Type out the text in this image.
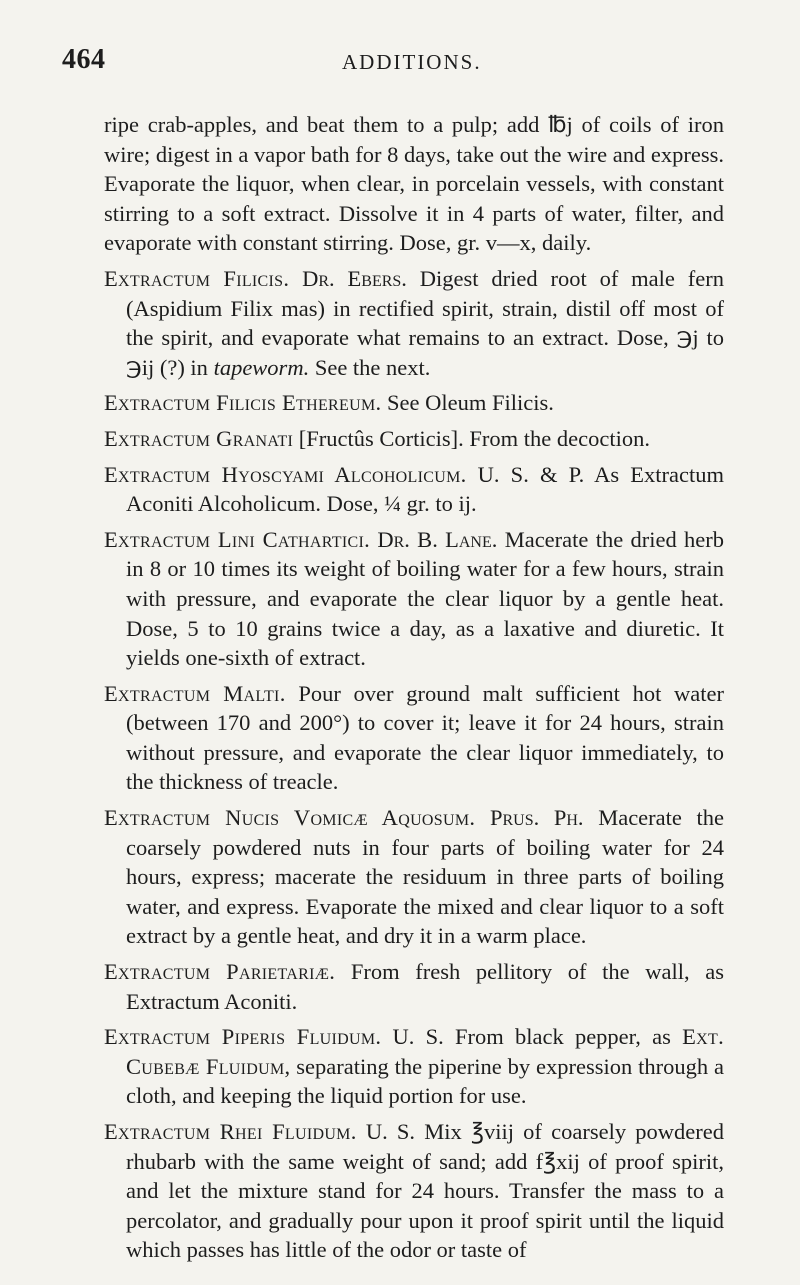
464	ADDITIONS.

ripe crab-apples, and beat them to a pulp; add ℔j of coils of iron wire; digest in a vapor bath for 8 days, take out the wire and express. Evaporate the liquor, when clear, in porcelain vessels, with constant stirring to a soft extract. Dissolve it in 4 parts of water, filter, and evaporate with constant stirring. Dose, gr. v—x, daily.

Extractum Filicis. Dr. Ebers. Digest dried root of male fern (Aspidium Filix mas) in rectified spirit, strain, distil off most of the spirit, and evaporate what remains to an extract. Dose, ℈j to ℈ij (?) in tapeworm. See the next.

Extractum Filicis Ethereum. See Oleum Filicis.

Extractum Granati [Fructûs Corticis]. From the decoction.

Extractum Hyoscyami Alcoholicum. U. S. & P. As Extractum Aconiti Alcoholicum. Dose, ¼ gr. to ij.

Extractum Lini Cathartici. Dr. B. Lane. Macerate the dried herb in 8 or 10 times its weight of boiling water for a few hours, strain with pressure, and evaporate the clear liquor by a gentle heat. Dose, 5 to 10 grains twice a day, as a laxative and diuretic. It yields one-sixth of extract.

Extractum Malti. Pour over ground malt sufficient hot water (between 170 and 200°) to cover it; leave it for 24 hours, strain without pressure, and evaporate the clear liquor immediately, to the thickness of treacle.

Extractum Nucis Vomicæ Aquosum. Prus. Ph. Macerate the coarsely powdered nuts in four parts of boiling water for 24 hours, express; macerate the residuum in three parts of boiling water, and express. Evaporate the mixed and clear liquor to a soft extract by a gentle heat, and dry it in a warm place.

Extractum Parietariæ. From fresh pellitory of the wall, as Extractum Aconiti.

Extractum Piperis Fluidum. U. S. From black pepper, as Ext. Cubebæ Fluidum, separating the piperine by expression through a cloth, and keeping the liquid portion for use.

Extractum Rhei Fluidum. U. S. Mix ℥viij of coarsely powdered rhubarb with the same weight of sand; add f℥xij of proof spirit, and let the mixture stand for 24 hours. Transfer the mass to a percolator, and gradually pour upon it proof spirit until the liquid which passes has little of the odor or taste of
